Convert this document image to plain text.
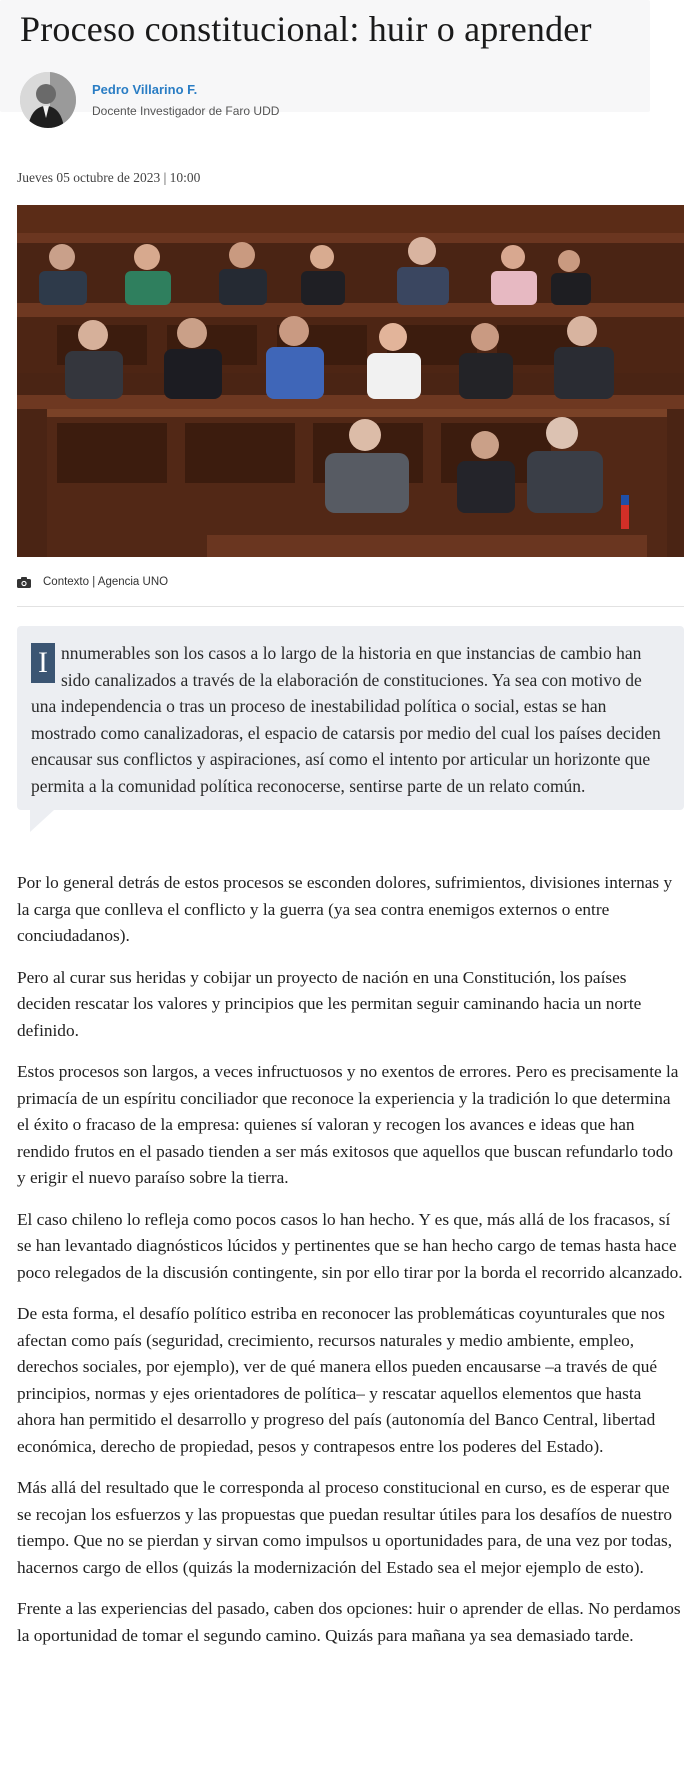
Proceso constitucional: huir o aprender
Pedro Villarino F.
Docente Investigador de Faro UDD
Jueves 05 octubre de 2023 | 10:00
Contexto | Agencia UNO
I nnumerables son los casos a lo largo de la historia en que instancias de cambio han sido canalizados a través de la elaboración de constituciones. Ya sea con motivo de una independencia o tras un proceso de inestabilidad política o social, estas se han mostrado como canalizadoras, el espacio de catarsis por medio del cual los países deciden encausar sus conflictos y aspiraciones, así como el intento por articular un horizonte que permita a la comunidad política reconocerse, sentirse parte de un relato común.

Por lo general detrás de estos procesos se esconden dolores, sufrimientos, divisiones internas y la carga que conlleva el conflicto y la guerra (ya sea contra enemigos externos o entre conciudadanos).

Pero al curar sus heridas y cobijar un proyecto de nación en una Constitución, los países deciden rescatar los valores y principios que les permitan seguir caminando hacia un norte definido.

Estos procesos son largos, a veces infructuosos y no exentos de errores. Pero es precisamente la primacía de un espíritu conciliador que reconoce la experiencia y la tradición lo que determina el éxito o fracaso de la empresa: quienes sí valoran y recogen los avances e ideas que han rendido frutos en el pasado tienden a ser más exitosos que aquellos que buscan refundarlo todo y erigir el nuevo paraíso sobre la tierra.

El caso chileno lo refleja como pocos casos lo han hecho. Y es que, más allá de los fracasos, sí se han levantado diagnósticos lúcidos y pertinentes que se han hecho cargo de temas hasta hace poco relegados de la discusión contingente, sin por ello tirar por la borda el recorrido alcanzado.

De esta forma, el desafío político estriba en reconocer las problemáticas coyunturales que nos afectan como país (seguridad, crecimiento, recursos naturales y medio ambiente, empleo, derechos sociales, por ejemplo), ver de qué manera ellos pueden encausarse –a través de qué principios, normas y ejes orientadores de política– y rescatar aquellos elementos que hasta ahora han permitido el desarrollo y progreso del país (autonomía del Banco Central, libertad económica, derecho de propiedad, pesos y contrapesos entre los poderes del Estado).

Más allá del resultado que le corresponda al proceso constitucional en curso, es de esperar que se recojan los esfuerzos y las propuestas que puedan resultar útiles para los desafíos de nuestro tiempo. Que no se pierdan y sirvan como impulsos u oportunidades para, de una vez por todas, hacernos cargo de ellos (quizás la modernización del Estado sea el mejor ejemplo de esto).

Frente a las experiencias del pasado, caben dos opciones: huir o aprender de ellas. No perdamos la oportunidad de tomar el segundo camino. Quizás para mañana ya sea demasiado tarde.
